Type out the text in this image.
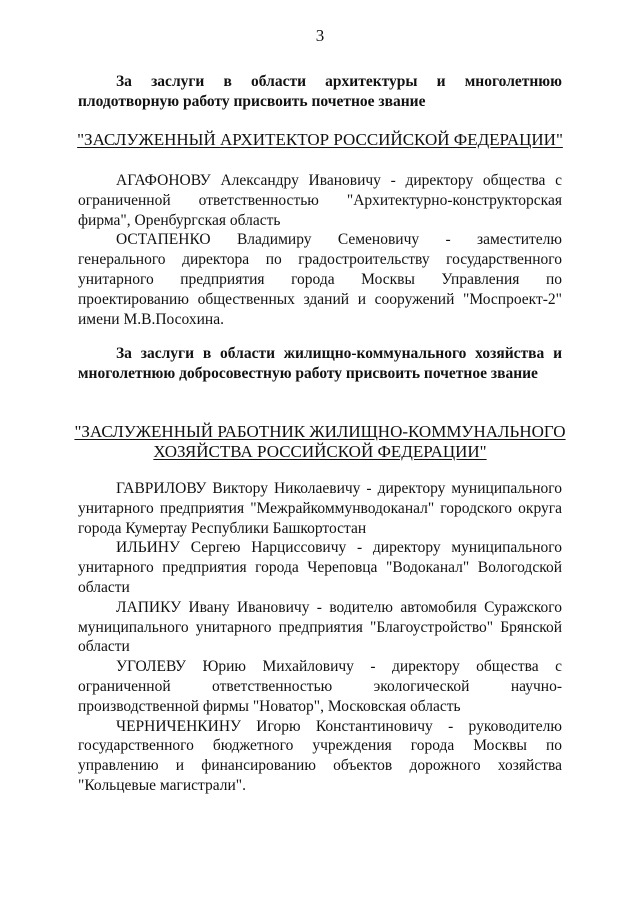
3
За заслуги в области архитектуры и многолетнюю плодотворную работу присвоить почетное звание
"ЗАСЛУЖЕННЫЙ АРХИТЕКТОР РОССИЙСКОЙ ФЕДЕРАЦИИ"

АГАФОНОВУ Александру Ивановичу - директору общества с ограниченной ответственностью "Архитектурно-конструкторская фирма", Оренбургская область

ОСТАПЕНКО Владимиру Семеновичу - заместителю генерального директора по градостроительству государственного унитарного предприятия города Москвы Управления по проектированию общественных зданий и сооружений "Моспроект-2" имени М.В.Посохина.

За заслуги в области жилищно-коммунального хозяйства и многолетнюю добросовестную работу присвоить почетное звание
"ЗАСЛУЖЕННЫЙ РАБОТНИК ЖИЛИЩНО-КОММУНАЛЬНОГО ХОЗЯЙСТВА РОССИЙСКОЙ ФЕДЕРАЦИИ"

ГАВРИЛОВУ Виктору Николаевичу - директору муниципального унитарного предприятия "Межрайкоммунводоканал" городского округа города Кумертау Республики Башкортостан

ИЛЬИНУ Сергею Нарциссовичу - директору муниципального унитарного предприятия города Череповца "Водоканал" Вологодской области

ЛАПИКУ Ивану Ивановичу - водителю автомобиля Суражского муниципального унитарного предприятия "Благоустройство" Брянской области

УГОЛЕВУ Юрию Михайловичу - директору общества с ограниченной ответственностью экологической научно-производственной фирмы "Новатор", Московская область

ЧЕРНИЧЕНКИНУ Игорю Константиновичу - руководителю государственного бюджетного учреждения города Москвы по управлению и финансированию объектов дорожного хозяйства "Кольцевые магистрали".
